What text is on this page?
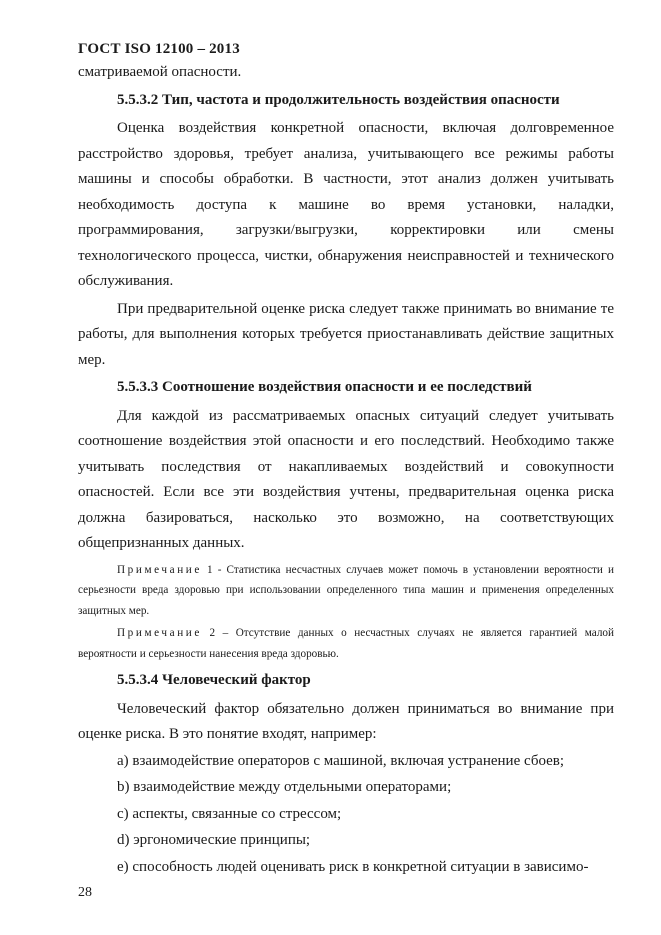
ГОСТ ISO 12100 – 2013

сматриваемой опасности.

5.5.3.2 Тип, частота и продолжительность воздействия опасности

Оценка воздействия конкретной опасности, включая долговременное расстройство здоровья, требует анализа, учитывающего все режимы работы машины и способы обработки. В частности, этот анализ должен учитывать необходимость доступа к машине во время установки, наладки, программирования, загрузки/выгрузки, корректировки или смены технологического процесса, чистки, обнаружения неисправностей и технического обслуживания.

При предварительной оценке риска следует также принимать во внимание те работы, для выполнения которых требуется приостанавливать действие защитных мер.

5.5.3.3 Соотношение воздействия опасности и ее последствий

Для каждой из рассматриваемых опасных ситуаций следует учитывать соотношение воздействия этой опасности и его последствий. Необходимо также учитывать последствия от накапливаемых воздействий и совокупности опасностей. Если все эти воздействия учтены, предварительная оценка риска должна базироваться, насколько это возможно, на соответствующих общепризнанных данных.

Примечание 1 - Статистика несчастных случаев может помочь в установлении вероятности и серьезности вреда здоровью при использовании определенного типа машин и применения определенных защитных мер.

Примечание 2 – Отсутствие данных о несчастных случаях не является гарантией малой вероятности и серьезности нанесения вреда здоровью.

5.5.3.4 Человеческий фактор

Человеческий фактор обязательно должен приниматься во внимание при оценке риска. В это понятие входят, например:

a) взаимодействие операторов с машиной, включая устранение сбоев;

b) взаимодействие между отдельными операторами;

c) аспекты, связанные со стрессом;

d) эргономические принципы;

e) способность людей оценивать риск в конкретной ситуации в зависимо-

28
